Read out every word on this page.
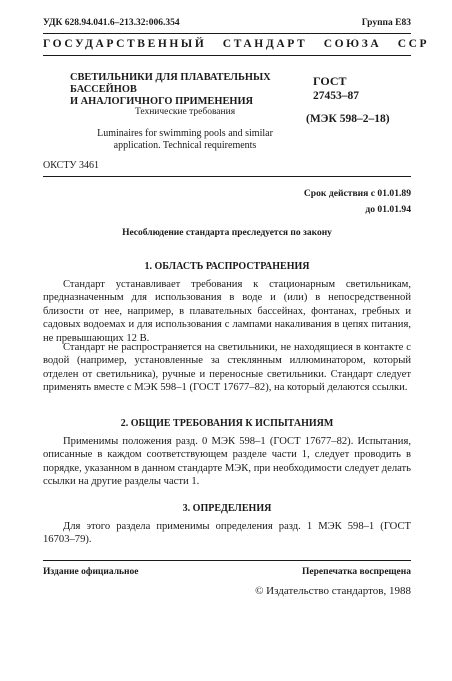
УДК 628.94.041.6–213.32:006.354	Группа Е83
ГОСУДАРСТВЕННЫЙ   СТАНДАРТ   СОЮЗА   ССР
СВЕТИЛЬНИКИ ДЛЯ ПЛАВАТЕЛЬНЫХ БАССЕЙНОВ
И АНАЛОГИЧНОГО ПРИМЕНЕНИЯ
Технические требования
Luminaires for swimming pools and similar
application. Technical requirements
ГОСТ
27453–87
(МЭК 598–2–18)
ОКСТУ 3461
Срок действия с 01.01.89
до 01.01.94
Несоблюдение стандарта преследуется по закону
1. ОБЛАСТЬ РАСПРОСТРАНЕНИЯ

Стандарт устанавливает требования к стационарным светильникам, предназначенным для использования в воде и (или) в непосредственной близости от нее, например, в плавательных бассейнах, фонтанах, гребных и садовых водоемах и для использования с лампами накаливания в цепях питания, не превышающих 12 В.

Стандарт не распространяется на светильники, не находящиеся в контакте с водой (например, установленные за стеклянным иллюминатором, который отделен от светильника), ручные и переносные светильники. Стандарт следует применять вместе с МЭК 598–1 (ГОСТ 17677–82), на который делаются ссылки.

2. ОБЩИЕ ТРЕБОВАНИЯ К ИСПЫТАНИЯМ

Применимы положения разд. 0 МЭК 598–1 (ГОСТ 17677–82). Испытания, описанные в каждом соответствующем разделе части 1, следует проводить в порядке, указанном в данном стандарте МЭК, при необходимости следует делать ссылки на другие разделы части 1.

3. ОПРЕДЕЛЕНИЯ

Для этого раздела применимы определения разд. 1 МЭК 598–1 (ГОСТ 16703–79).

Издание официальное	Перепечатка воспрещена
© Издательство стандартов, 1988
